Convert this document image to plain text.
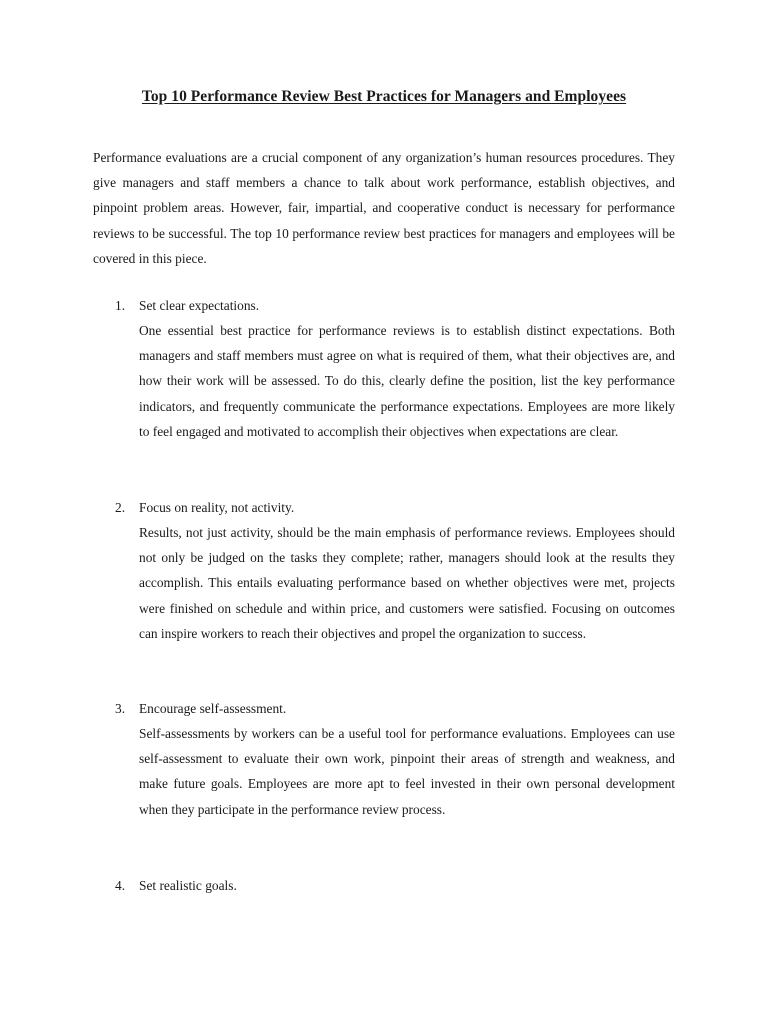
Top 10 Performance Review Best Practices for Managers and Employees

Performance evaluations are a crucial component of any organization’s human resources procedures. They give managers and staff members a chance to talk about work performance, establish objectives, and pinpoint problem areas. However, fair, impartial, and cooperative conduct is necessary for performance reviews to be successful. The top 10 performance review best practices for managers and employees will be covered in this piece.

1. Set clear expectations.

One essential best practice for performance reviews is to establish distinct expectations. Both managers and staff members must agree on what is required of them, what their objectives are, and how their work will be assessed. To do this, clearly define the position, list the key performance indicators, and frequently communicate the performance expectations. Employees are more likely to feel engaged and motivated to accomplish their objectives when expectations are clear.

2. Focus on reality, not activity.

Results, not just activity, should be the main emphasis of performance reviews. Employees should not only be judged on the tasks they complete; rather, managers should look at the results they accomplish. This entails evaluating performance based on whether objectives were met, projects were finished on schedule and within price, and customers were satisfied. Focusing on outcomes can inspire workers to reach their objectives and propel the organization to success.

3. Encourage self-assessment.

Self-assessments by workers can be a useful tool for performance evaluations. Employees can use self-assessment to evaluate their own work, pinpoint their areas of strength and weakness, and make future goals. Employees are more apt to feel invested in their own personal development when they participate in the performance review process.

4. Set realistic goals.
